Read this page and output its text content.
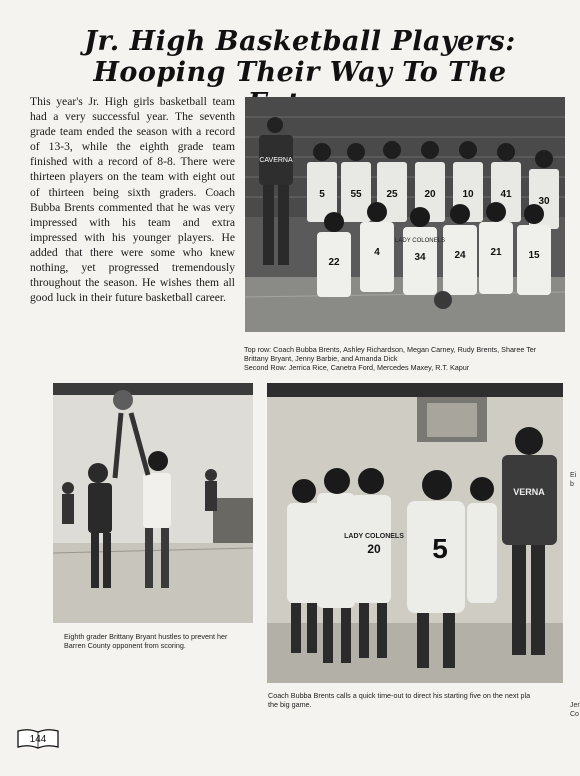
Jr. High Basketball Players:
Hooping Their Way To The
This year's Jr. High girls basketball team had a very successful year. The seventh grade team ended the season with a record of 13-3, while the eighth grade team finished with a record of 8-8. There were thirteen players on the team with eight out of thirteen being sixth graders. Coach Bubba Brents commented that he was very impressed with his team and extra impressed with his younger players. He added that there were some who knew nothing, yet progressed tremendously throughout the season. He wishes them all good luck in their future basketball career.
CAVERNA
5	55 25	20	10	41
30
22
4	34	24 21	15
LADY COLONELS
Top row: Coach Bubba Brents, Ashley Richardson, Megan Carney, Rudy Brents, Sharee Ter
Brittany Bryant, Jenny Barbie, and Amanda Dick
Second Row: Jerrica Rice, Canetra Ford, Mercedes Maxey, R.T. Kapur
Eighth grader Brittany Bryant hustles to prevent her
Barren County opponent from scoring.
VERNA
LADY COLONELS
20 5
Coach Bubba Brents calls a quick time-out to direct his starting five on the next pla
the big game.
Ei
b
Jer
Co
144
